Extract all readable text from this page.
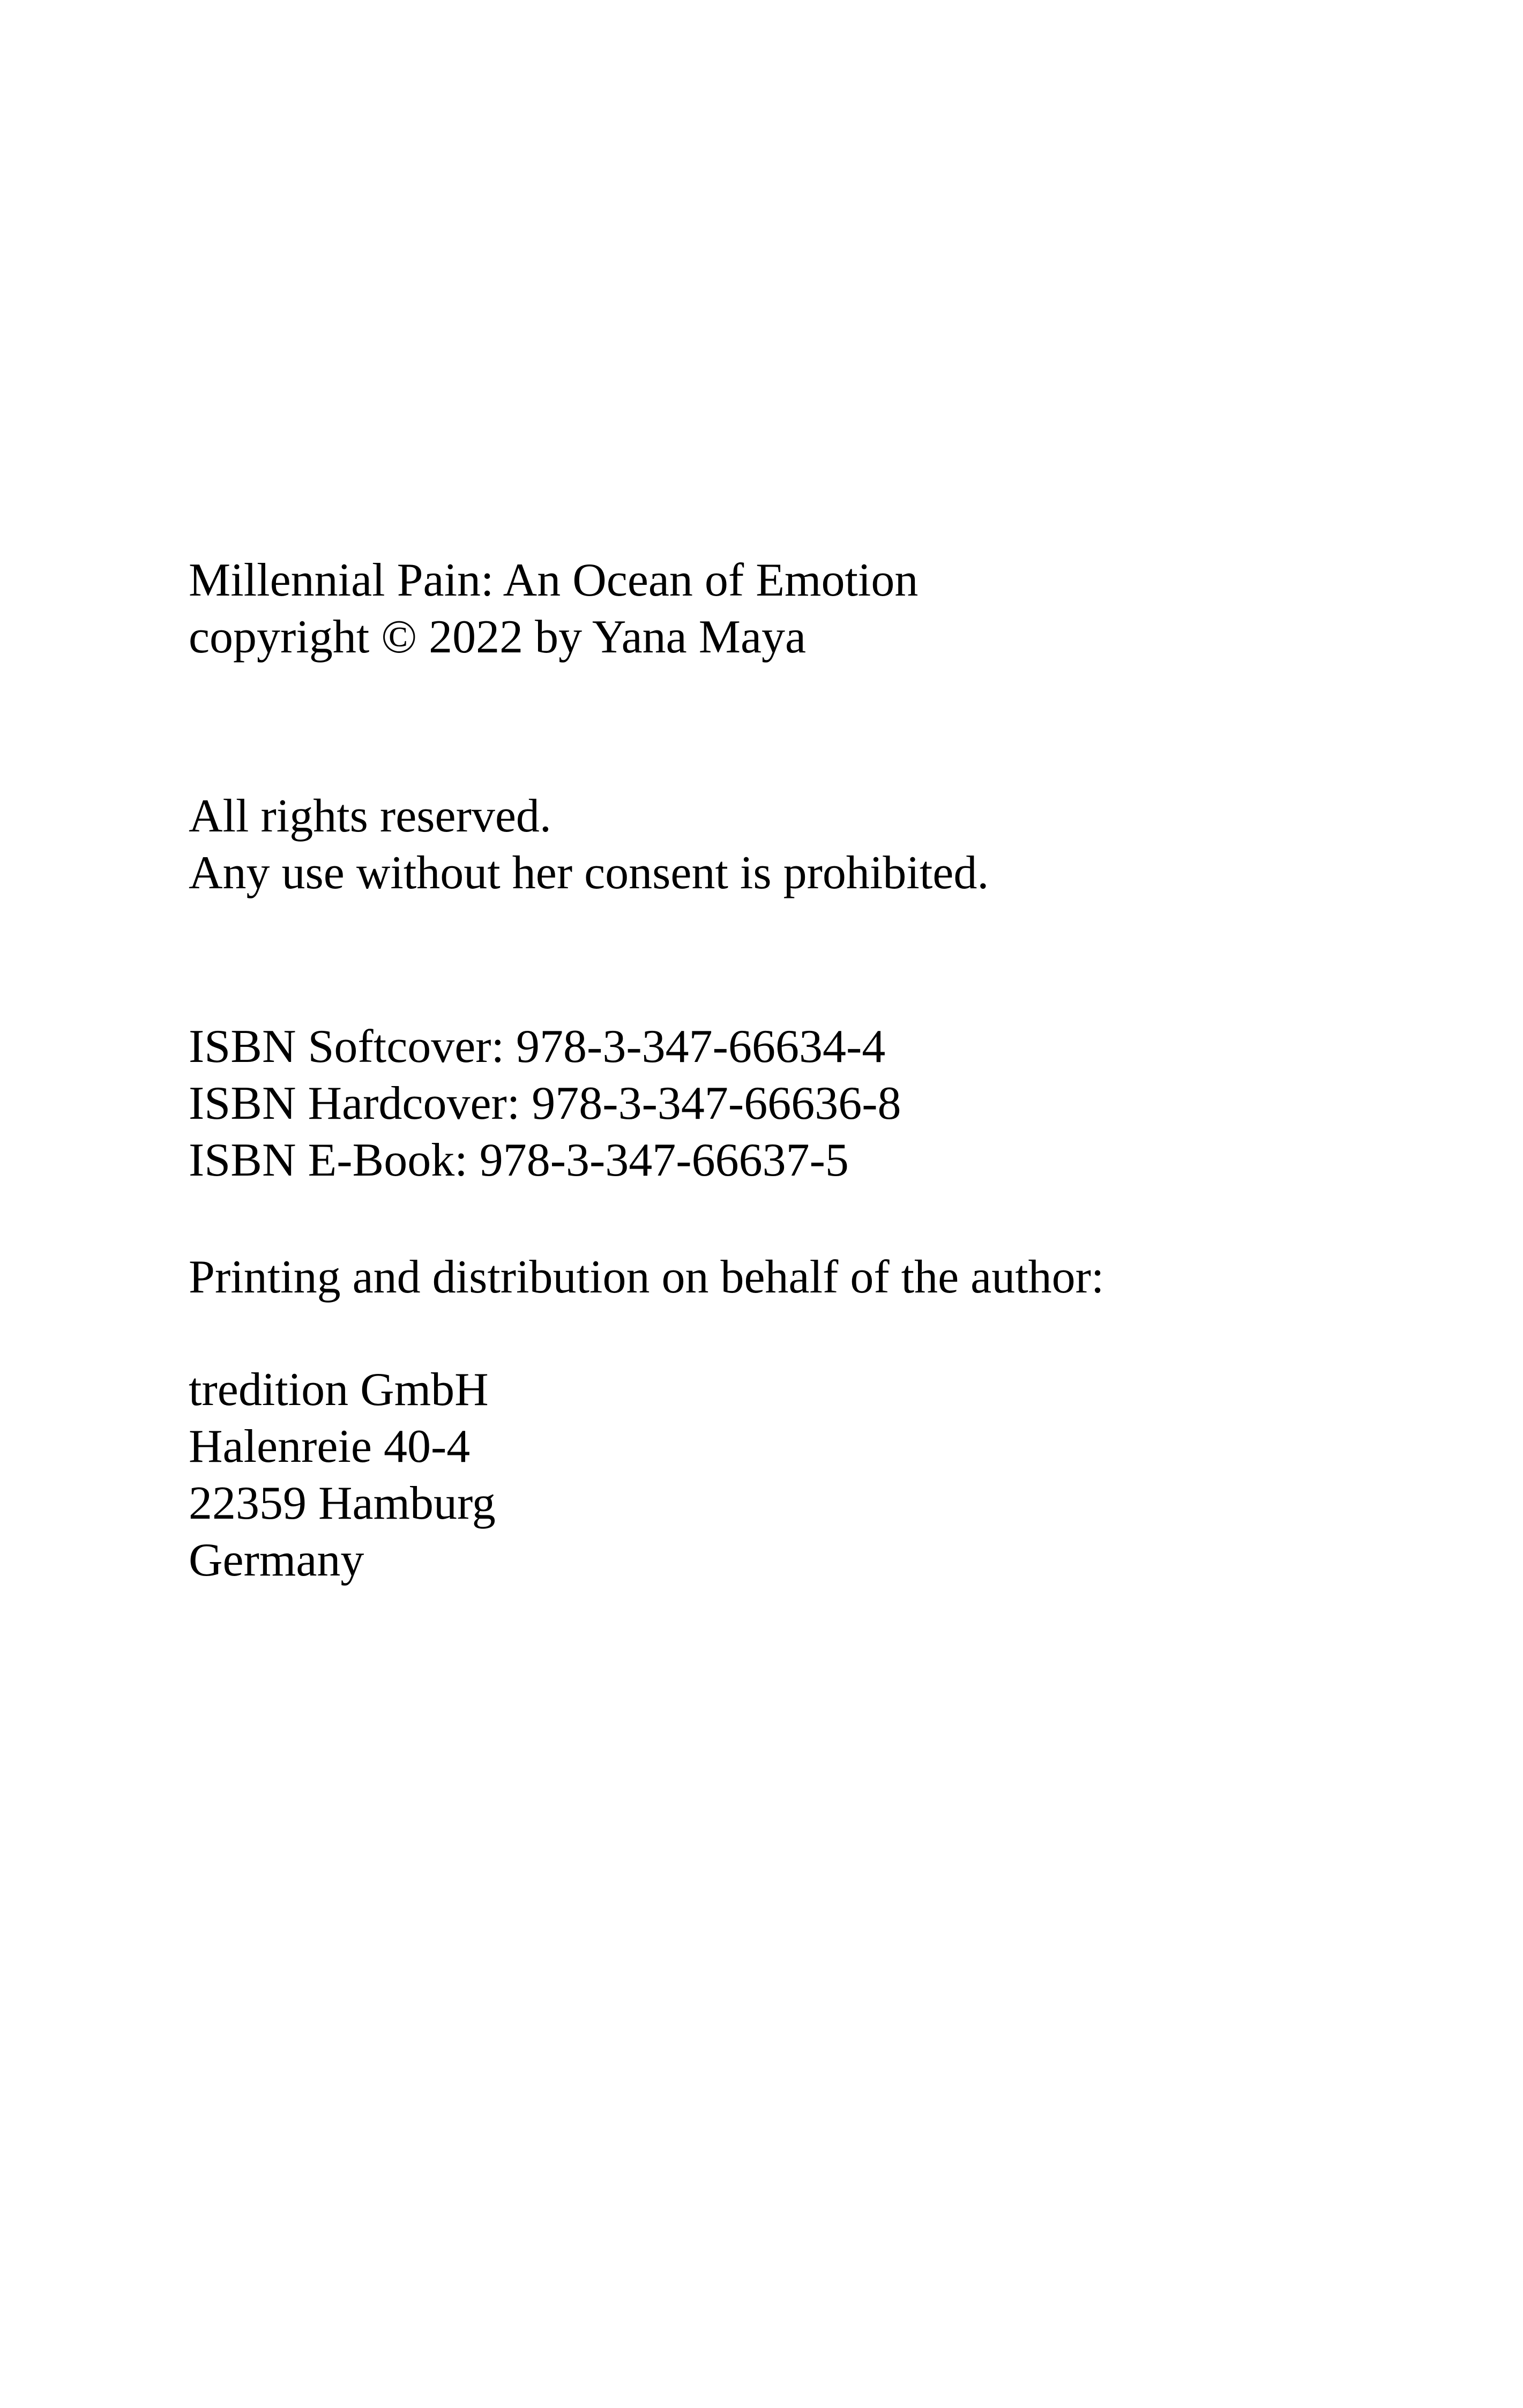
Millennial Pain: An Ocean of Emotion
copyright © 2022 by Yana Maya
All rights reserved.
Any use without her consent is prohibited.
ISBN Softcover: 978-3-347-66634-4
ISBN Hardcover: 978-3-347-66636-8
ISBN E-Book: 978-3-347-66637-5
Printing and distribution on behalf of the author:
tredition GmbH
Halenreie 40-4
22359 Hamburg
Germany
